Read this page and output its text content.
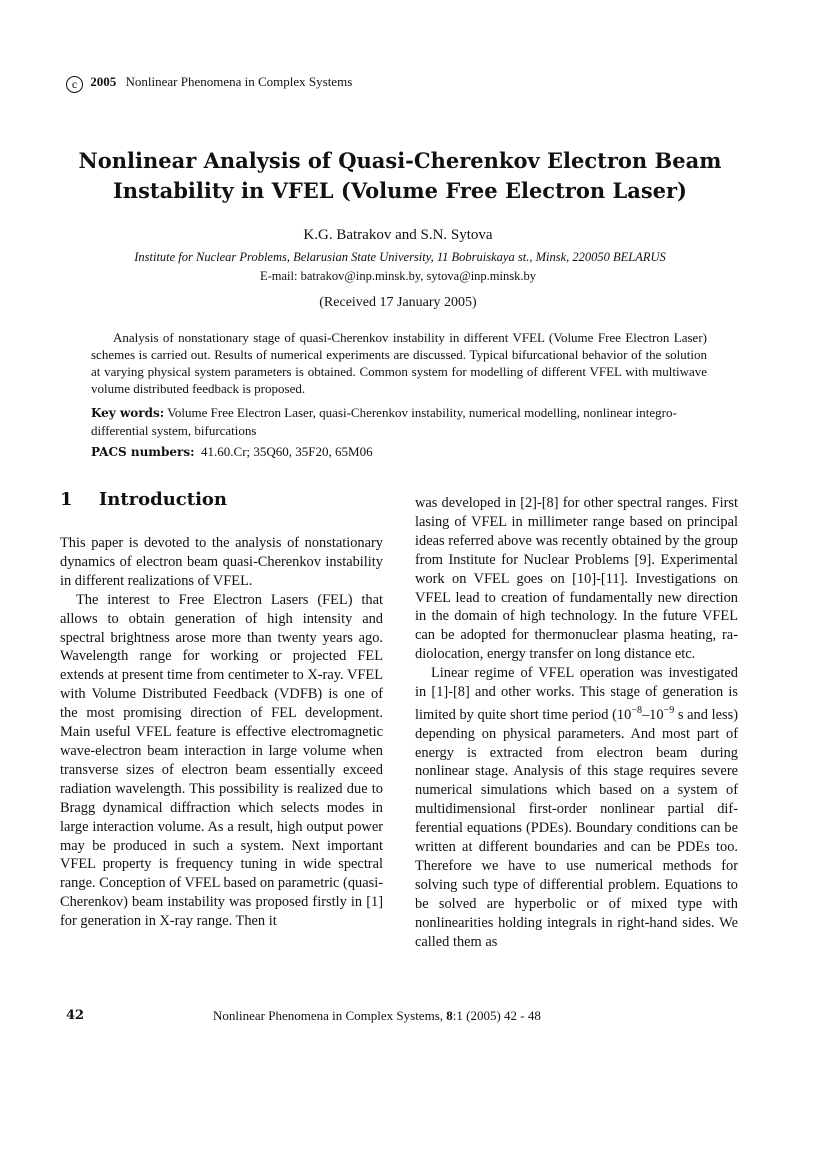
c 2005 Nonlinear Phenomena in Complex Systems
Nonlinear Analysis of Quasi-Cherenkov Electron Beam Instability in VFEL (Volume Free Electron Laser)
K.G. Batrakov and S.N. Sytova
Institute for Nuclear Problems, Belarusian State University, 11 Bobruiskaya st., Minsk, 220050 BELARUS
E-mail: batrakov@inp.minsk.by, sytova@inp.minsk.by
(Received 17 January 2005)
Analysis of nonstationary stage of quasi-Cherenkov instability in different VFEL (Volume Free Electron Laser) schemes is carried out. Results of numerical experiments are discussed. Typical bifurcational behavior of the solution at varying physical system parameters is obtained. Common system for modelling of different VFEL with multiwave volume distributed feedback is proposed.
Key words: Volume Free Electron Laser, quasi-Cherenkov instability, numerical modelling, nonlinear integro-differential system, bifurcations
PACS numbers: 41.60.Cr; 35Q60, 35F20, 65M06
1 Introduction

This paper is devoted to the analysis of nonstationary dynamics of electron beam quasi-Cherenkov instability in different realizations of VFEL.

The interest to Free Electron Lasers (FEL) that allows to obtain generation of high intensity and spectral brightness arose more than twenty years ago. Wavelength range for working or projected FEL extends at present time from centimeter to X-ray. VFEL with Volume Distributed Feedback (VDFB) is one of the most promising direction of FEL development. Main useful VFEL feature is effective electromagnetic wave-electron beam interaction in large volume when transverse sizes of electron beam essentially exceed radiation wavelength. This possibility is realized due to Bragg dynamical diffraction which selects modes in large interaction volume. As a result, high output power may be produced in such a system. Next important VFEL property is frequency tuning in wide spectral range. Conception of VFEL based on parametric (quasi-Cherenkov) beam instability was proposed firstly in [1] for generation in X-ray range. Then it

was developed in [2]-[8] for other spectral ranges. First lasing of VFEL in millimeter range based on principal ideas referred above was recently obtained by the group from Institute for Nuclear Problems [9]. Experimental work on VFEL goes on [10]-[11]. Investigations on VFEL lead to creation of fundamentally new direction in the domain of high technology. In the future VFEL can be adopted for thermonuclear plasma heating, radiolocation, energy transfer on long distance etc.

Linear regime of VFEL operation was investigated in [1]-[8] and other works. This stage of generation is limited by quite short time period ($10^{-8}-10^{-9}$ s and less) depending on physical parameters. And most part of energy is extracted from electron beam during nonlinear stage. Analysis of this stage requires severe numerical simulations which based on a system of multidimensional first-order nonlinear partial differential equations (PDEs). Boundary conditions can be written at different boundaries and can be PDEs too. Therefore we have to use numerical methods for solving such type of differential problem. Equations to be solved are hyperbolic or of mixed type with nonlinearities holding integrals in right-hand sides. We called them as

42	Nonlinear Phenomena in Complex Systems, 8:1 (2005) 42 - 48
